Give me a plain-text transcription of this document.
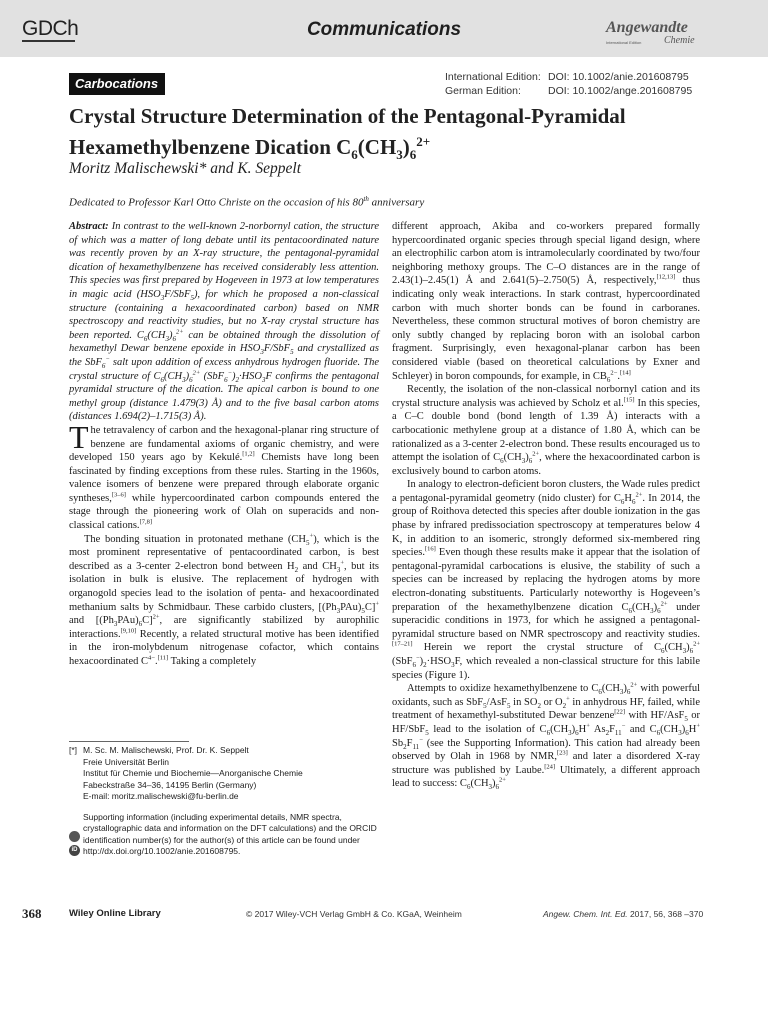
GDCh	Communications	Angewandte
International Edition Chemie
Carbocations	International Edition: DOI: 10.1002/anie.201608795
German Edition:	DOI: 10.1002/ange.201608795
Crystal Structure Determination of the Pentagonal-Pyramidal
Hexamethylbenzene Dication $C_6(CH_3)_6^{2+}$
Moritz Malischewski* and K. Seppelt
Dedicated to Professor Karl Otto Christe on the occasion of his 80th anniversary

Abstract: In contrast to the well-known 2-norbornyl cation, the structure of which was a matter of long debate until its pentacoordinated nature was recently proven by an X-ray structure, the pentagonal-pyramidal dication of hexamethylbenzene has received considerably less attention. This species was first prepared by Hogeveen in 1973 at low temperatures in magic acid $(HSO_3F/SbF_5)$, for which he proposed a non-classical structure (containing a hexacoordinated carbon) based on NMR spectroscopy and reactivity studies, but no X-ray crystal structure has been reported. $C_6(CH_3)_6^{2+}$ can be obtained through the dissolution of hexamethyl Dewar benzene epoxide in $HSO_3F/SbF_5$ and crystallized as the SbF$_6$− salt upon addition of excess anhydrous hydrogen fluoride. The crystal structure of $C_6(CH_3)_6^{2+}$ $(SbF_6^-)_2\cdot HSO_3F$ confirms the pentagonal pyramidal structure of the dication. The apical carbon is bound to one methyl group (distance 1.479(3) Å) and to the five basal carbon atoms (distances 1.694(2)–1.715(3) Å).

The tetravalency of carbon and the hexagonal-planar ring structure of benzene are fundamental axioms of organic chemistry, and were developed 150 years ago by Kekulé.[1,2] Chemists have long been fascinated by finding exceptions from these rules. Starting in the 1960s, valence isomers of benzene were prepared through elaborate organic syntheses,[3–6] while hypercoordinated carbon compounds entered the stage through the pioneering work of Olah on superacids and non-classical cations.[7,8]

The bonding situation in protonated methane $(CH_5^+)$, which is the most prominent representative of pentacoordinated carbon, is best described as a 3-center 2-electron bond between $H_2$ and $CH_3^+$, but its isolation in bulk is elusive. The replacement of hydrogen with organogold species lead to the isolation of penta- and hexacoordinated methanium salts by Schmidbaur. These carbido clusters, $[(Ph_3PAu)_5C]^+$ and $[(Ph_3PAu)_6C]^{2+}$, are significantly stabilized by aurophilic interactions.[9,10] Recently, a related structural motive has been identified in the iron-molybdenum nitrogenase cofactor, which contains hexacoordinated $C^{4-}.[11]$ Taking a completely

different approach, Akiba and co-workers prepared formally hypercoordinated organic species through special ligand design, where an electrophilic carbon atom is intramolecularly coordinated by two/four neighboring methoxy groups. The C–O distances are in the range of 2.43(1)–2.45(1) Å and 2.641(5)–2.750(5) Å, respectively,[12,13] thus indicating only weak interactions. In stark contrast, hypercoordinated carbon with much shorter bonds can be found in carboranes. Nevertheless, these common structural motives of boron chemistry are only subtly changed by replacing boron with an isolobal carbon fragment. Surprisingly, even hexagonal-planar carbon has been considered viable (based on theoretical calculations by Exner and Schleyer) in boron compounds, for example, in $CB_6^{2-}.[14]$

Recently, the isolation of the non-classical norbornyl cation and its crystal structure analysis was achieved by Scholz et al.[15] In this species, a C–C double bond (bond length of 1.39 Å) interacts with a carbocationic methylene group at a distance of 1.80 Å, which can be rationalized as a 3-center 2-electron bond. These results encouraged us to attempt the isolation of $C_6(CH_3)_6^{2+}$, where the hexacoordinated carbon is exclusively bound to carbon atoms.

In analogy to electron-deficient boron clusters, the Wade rules predict a pentagonal-pyramidal geometry (nido cluster) for $C_6H_6^{2+}$. In 2014, the group of Roithova detected this species after double ionization in the gas phase by infrared predissociation spectroscopy at temperatures below 4 K, in addition to an isomeric, strongly deformed six-membered ring species.[16] Even though these results make it appear that the isolation of pentagonal-pyramidal carbocations is elusive, the stability of such a species can be increased by replacing the hydrogen atoms by more electron-donating substituents. Particularly noteworthy is Hogeveen’s preparation of the hexamethylbenzene dication $C_6(CH_3)_6^{2+}$ under superacidic conditions in 1973, for which he assigned a pentagonal-pyramidal structure based on NMR spectroscopy and reactivity studies.[17–21] Herein we report the crystal structure of $C_6(CH_3)_6^{2+}$ $(SbF_6^-)_2\cdot HSO_3F$, which revealed a non-classical structure for this labile species (Figure 1).

Attempts to oxidize hexamethylbenzene to $C_6(CH_3)_6^{2+}$ with powerful oxidants, such as SbF$_5$/AsF$_5$ in $SO_2$ or $O_2^+$ in anhydrous HF, failed, while treatment of hexamethyl-substituted Dewar benzene[22] with HF/AsF$_5$ or HF/SbF$_5$ lead to the isolation of $C_6(CH_3)_6H^+$ $As_2F_{11}^-$ and $C_6(CH_3)_6H^+$ $Sb_2F_{11}^-$ (see the Supporting Information). This cation had already been observed by Olah in 1968 by NMR,[23] and later a disordered X-ray structure was published by Laube.[24] Ultimately, a different approach lead to success: $C_6(CH_3)_6^{2+}$

[*] M. Sc. M. Malischewski, Prof. Dr. K. Seppelt
Freie Universität Berlin
Institut für Chemie und Biochemie—Anorganische Chemie
Fabeckstraße 34–36, 14195 Berlin (Germany)
E-mail: moritz.malischewski@fu-berlin.de
iD
Supporting information (including experimental details, NMR spectra, crystallographic data and information on the DFT calculations) and the ORCID identification number(s) for the author(s) of this article can be found under http://dx.doi.org/10.1002/anie.201608795.
368	Wiley Online Library	© 2017 Wiley-VCH Verlag GmbH & Co. KGaA, Weinheim	Angew. Chem. Int. Ed. 2017, 56, 368 –370
